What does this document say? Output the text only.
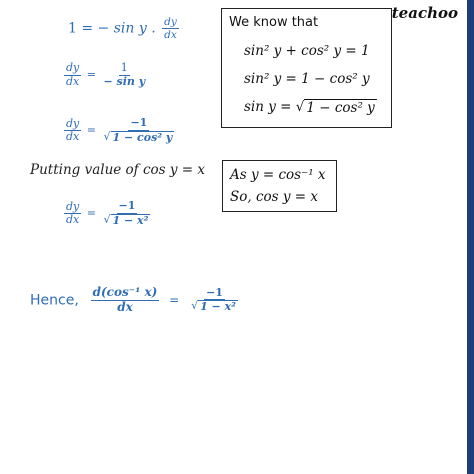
teachoo
1 = − sin y . $\frac{dy}{dx}$
$\frac{dy}{dx} = \frac{1}{\text{− sin y}}$
$\frac{dy}{dx} = \frac{-1}{\text{√ 1 − cos² y}}$
Putting value of cos y = x
$\frac{dy}{dx} = \frac{-1}{\text{√ 1 − x²}}$
Hence, $\frac{\text{d(cos⁻¹ x)}}{dx} = \frac{-1}{\text{√ 1 − x²}}$
We know that
sin² y + cos² y = 1
sin² y = 1 − cos² y
sin y = √ 1 − cos² y
As y = cos⁻¹ x
So, cos y = x
